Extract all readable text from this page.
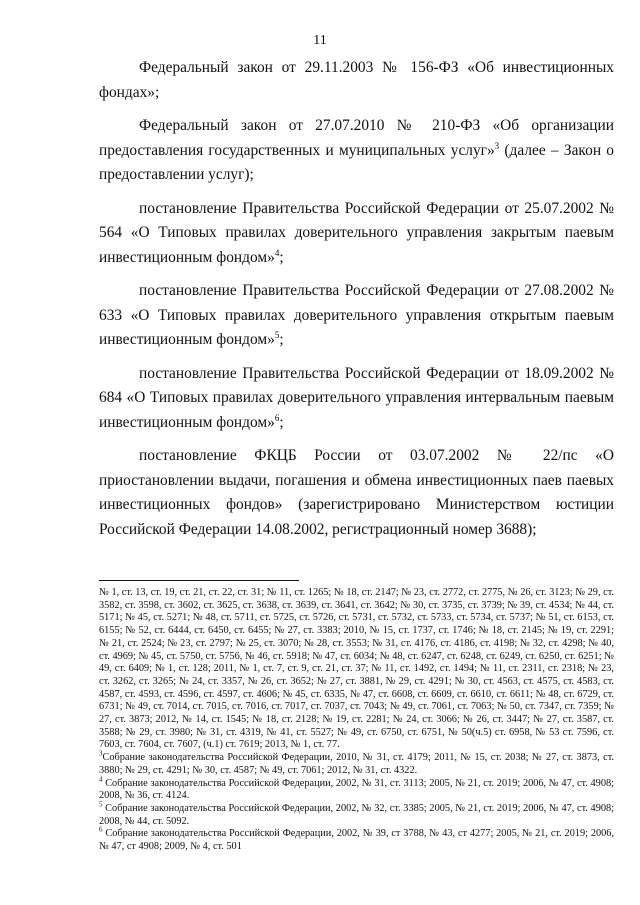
11

Федеральный закон от 29.11.2003 № 156-ФЗ «Об инвестиционных фондах»;

Федеральный закон от 27.07.2010 № 210-ФЗ «Об организации предоставления государственных и муниципальных услуг»$^3$ (далее – Закон о предоставлении услуг);

постановление Правительства Российской Федерации от 25.07.2002 № 564 «О Типовых правилах доверительного управления закрытым паевым инвестиционным фондом»$^4$;

постановление Правительства Российской Федерации от 27.08.2002 № 633 «О Типовых правилах доверительного управления открытым паевым инвестиционным фондом»$^5$;

постановление Правительства Российской Федерации от 18.09.2002 № 684 «О Типовых правилах доверительного управления интервальным паевым инвестиционным фондом»$^6$;

постановление ФКЦБ России от 03.07.2002 № 22/пс «О приостановлении выдачи, погашения и обмена инвестиционных паев паевых инвестиционных фондов» (зарегистрировано Министерством юстиции Российской Федерации 14.08.2002, регистрационный номер 3688);

№ 1, ст. 13, ст. 19, ст. 21, ст. 22, ст. 31; № 11, ст. 1265; № 18, ст. 2147; № 23, ст. 2772, ст. 2775, № 26, ст. 3123; № 29, ст. 3582, ст. 3598, ст. 3602, ст. 3625, ст. 3638, ст. 3639, ст. 3641, ст. 3642; № 30, ст. 3735, ст. 3739; № 39, ст. 4534; № 44, ст. 5171; № 45, ст. 5271; № 48, ст. 5711, ст. 5725, ст. 5726, ст. 5731, ст. 5732, ст. 5733, ст. 5734, ст. 5737; № 51, ст. 6153, ст. 6155; № 52, ст. 6444, ст. 6450, ст. 6455; № 27, ст. 3383; 2010, № 15, ст. 1737, ст. 1746; № 18, ст. 2145; № 19, ст. 2291; № 21, ст. 2524; № 23, ст. 2797; № 25, ст. 3070; № 28, ст. 3553; № 31, ст. 4176, ст. 4186, ст. 4198; № 32, ст. 4298; № 40, ст. 4969; № 45, ст. 5750, ст. 5756, № 46, ст. 5918; № 47, ст. 6034; № 48, ст. 6247, ст. 6248, ст. 6249, ст. 6250, ст. 6251; № 49, ст. 6409; № 1, ст. 128; 2011, № 1, ст. 7, ст. 9, ст. 21, ст. 37; № 11, ст. 1492, ст. 1494; № 11, ст. 2311, ст. 2318; № 23, ст. 3262, ст. 3265; № 24, ст. 3357, № 26, ст. 3652; № 27, ст. 3881, № 29, ст. 4291; № 30, ст. 4563, ст. 4575, ст. 4583, ст. 4587, ст. 4593, ст. 4596, ст. 4597, ст. 4606; № 45, ст. 6335, № 47, ст. 6608, ст. 6609, ст. 6610, ст. 6611; № 48, ст. 6729, ст. 6731; № 49, ст. 7014, ст. 7015, ст. 7016, ст. 7017, ст. 7037, ст. 7043; № 49, ст. 7061, ст. 7063; № 50, ст. 7347, ст. 7359; № 27, ст. 3873; 2012, № 14, ст. 1545; № 18, ст. 2128; № 19, ст. 2281; № 24, ст. 3066; № 26, ст. 3447; № 27, ст. 3587, ст. 3588; № 29, ст. 3980; № 31, ст. 4319, № 41, ст. 5527; № 49, ст. 6750, ст. 6751, № 50(ч.5) ст. 6958, № 53 ст. 7596, ст. 7603, ст. 7604, ст. 7607, (ч.1) ст. 7619; 2013, № 1, ст. 77.

$^3$Собрание законодательства Российской Федерации, 2010, № 31, ст. 4179; 2011, № 15, ст. 2038; № 27, ст. 3873, ст. 3880; № 29, ст. 4291; № 30, ст. 4587; № 49, ст. 7061; 2012, № 31, ст. 4322.

$^4$ Собрание законодательства Российской Федерации, 2002, № 31, ст. 3113; 2005, № 21, ст. 2019; 2006, № 47, ст. 4908; 2008, № 36, ст. 4124.

$^5$ Собрание законодательства Российской Федерации, 2002, № 32, ст. 3385; 2005, № 21, ст. 2019; 2006, № 47, ст. 4908; 2008, № 44, ст. 5092.

$^6$ Собрание законодательства Российской Федерации, 2002, № 39, ст 3788, № 43, ст 4277; 2005, № 21, ст. 2019; 2006, № 47, ст 4908; 2009, № 4, ст. 501
